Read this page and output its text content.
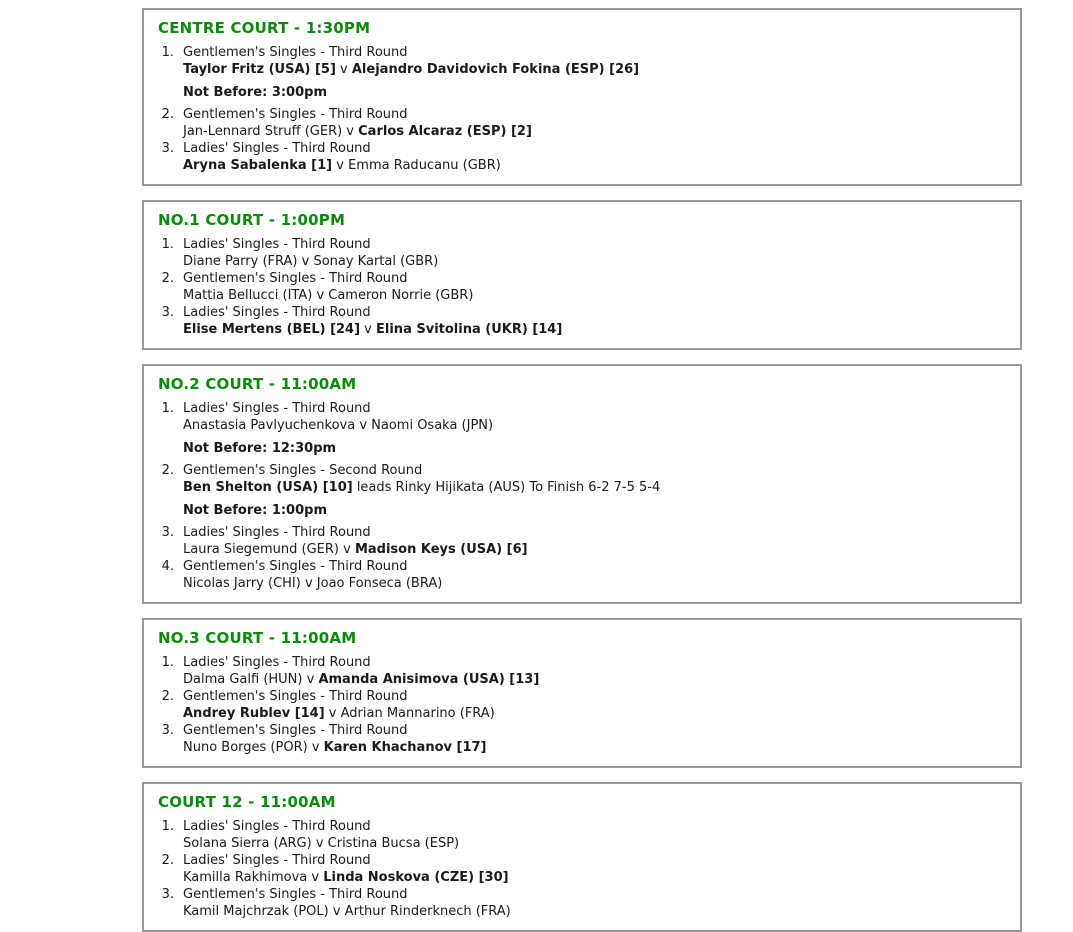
CENTRE COURT - 1:30PM
1. Gentlemen's Singles - Third Round
Taylor Fritz (USA) [5] v Alejandro Davidovich Fokina (ESP) [26]
Not Before: 3:00pm
2. Gentlemen's Singles - Third Round
Jan-Lennard Struff (GER) v Carlos Alcaraz (ESP) [2]
3. Ladies' Singles - Third Round
Aryna Sabalenka [1] v Emma Raducanu (GBR)
NO.1 COURT - 1:00PM
1. Ladies' Singles - Third Round
Diane Parry (FRA) v Sonay Kartal (GBR)
2. Gentlemen's Singles - Third Round
Mattia Bellucci (ITA) v Cameron Norrie (GBR)
3. Ladies' Singles - Third Round
Elise Mertens (BEL) [24] v Elina Svitolina (UKR) [14]
NO.2 COURT - 11:00AM
1. Ladies' Singles - Third Round
Anastasia Pavlyuchenkova v Naomi Osaka (JPN)
Not Before: 12:30pm
2. Gentlemen's Singles - Second Round
Ben Shelton (USA) [10] leads Rinky Hijikata (AUS) To Finish 6-2 7-5 5-4
Not Before: 1:00pm
3. Ladies' Singles - Third Round
Laura Siegemund (GER) v Madison Keys (USA) [6]
4. Gentlemen's Singles - Third Round
Nicolas Jarry (CHI) v Joao Fonseca (BRA)
NO.3 COURT - 11:00AM
1. Ladies' Singles - Third Round
Dalma Galfi (HUN) v Amanda Anisimova (USA) [13]
2. Gentlemen's Singles - Third Round
Andrey Rublev [14] v Adrian Mannarino (FRA)
3. Gentlemen's Singles - Third Round
Nuno Borges (POR) v Karen Khachanov [17]
COURT 12 - 11:00AM
1. Ladies' Singles - Third Round
Solana Sierra (ARG) v Cristina Bucsa (ESP)
2. Ladies' Singles - Third Round
Kamilla Rakhimova v Linda Noskova (CZE) [30]
3. Gentlemen's Singles - Third Round
Kamil Majchrzak (POL) v Arthur Rinderknech (FRA)
